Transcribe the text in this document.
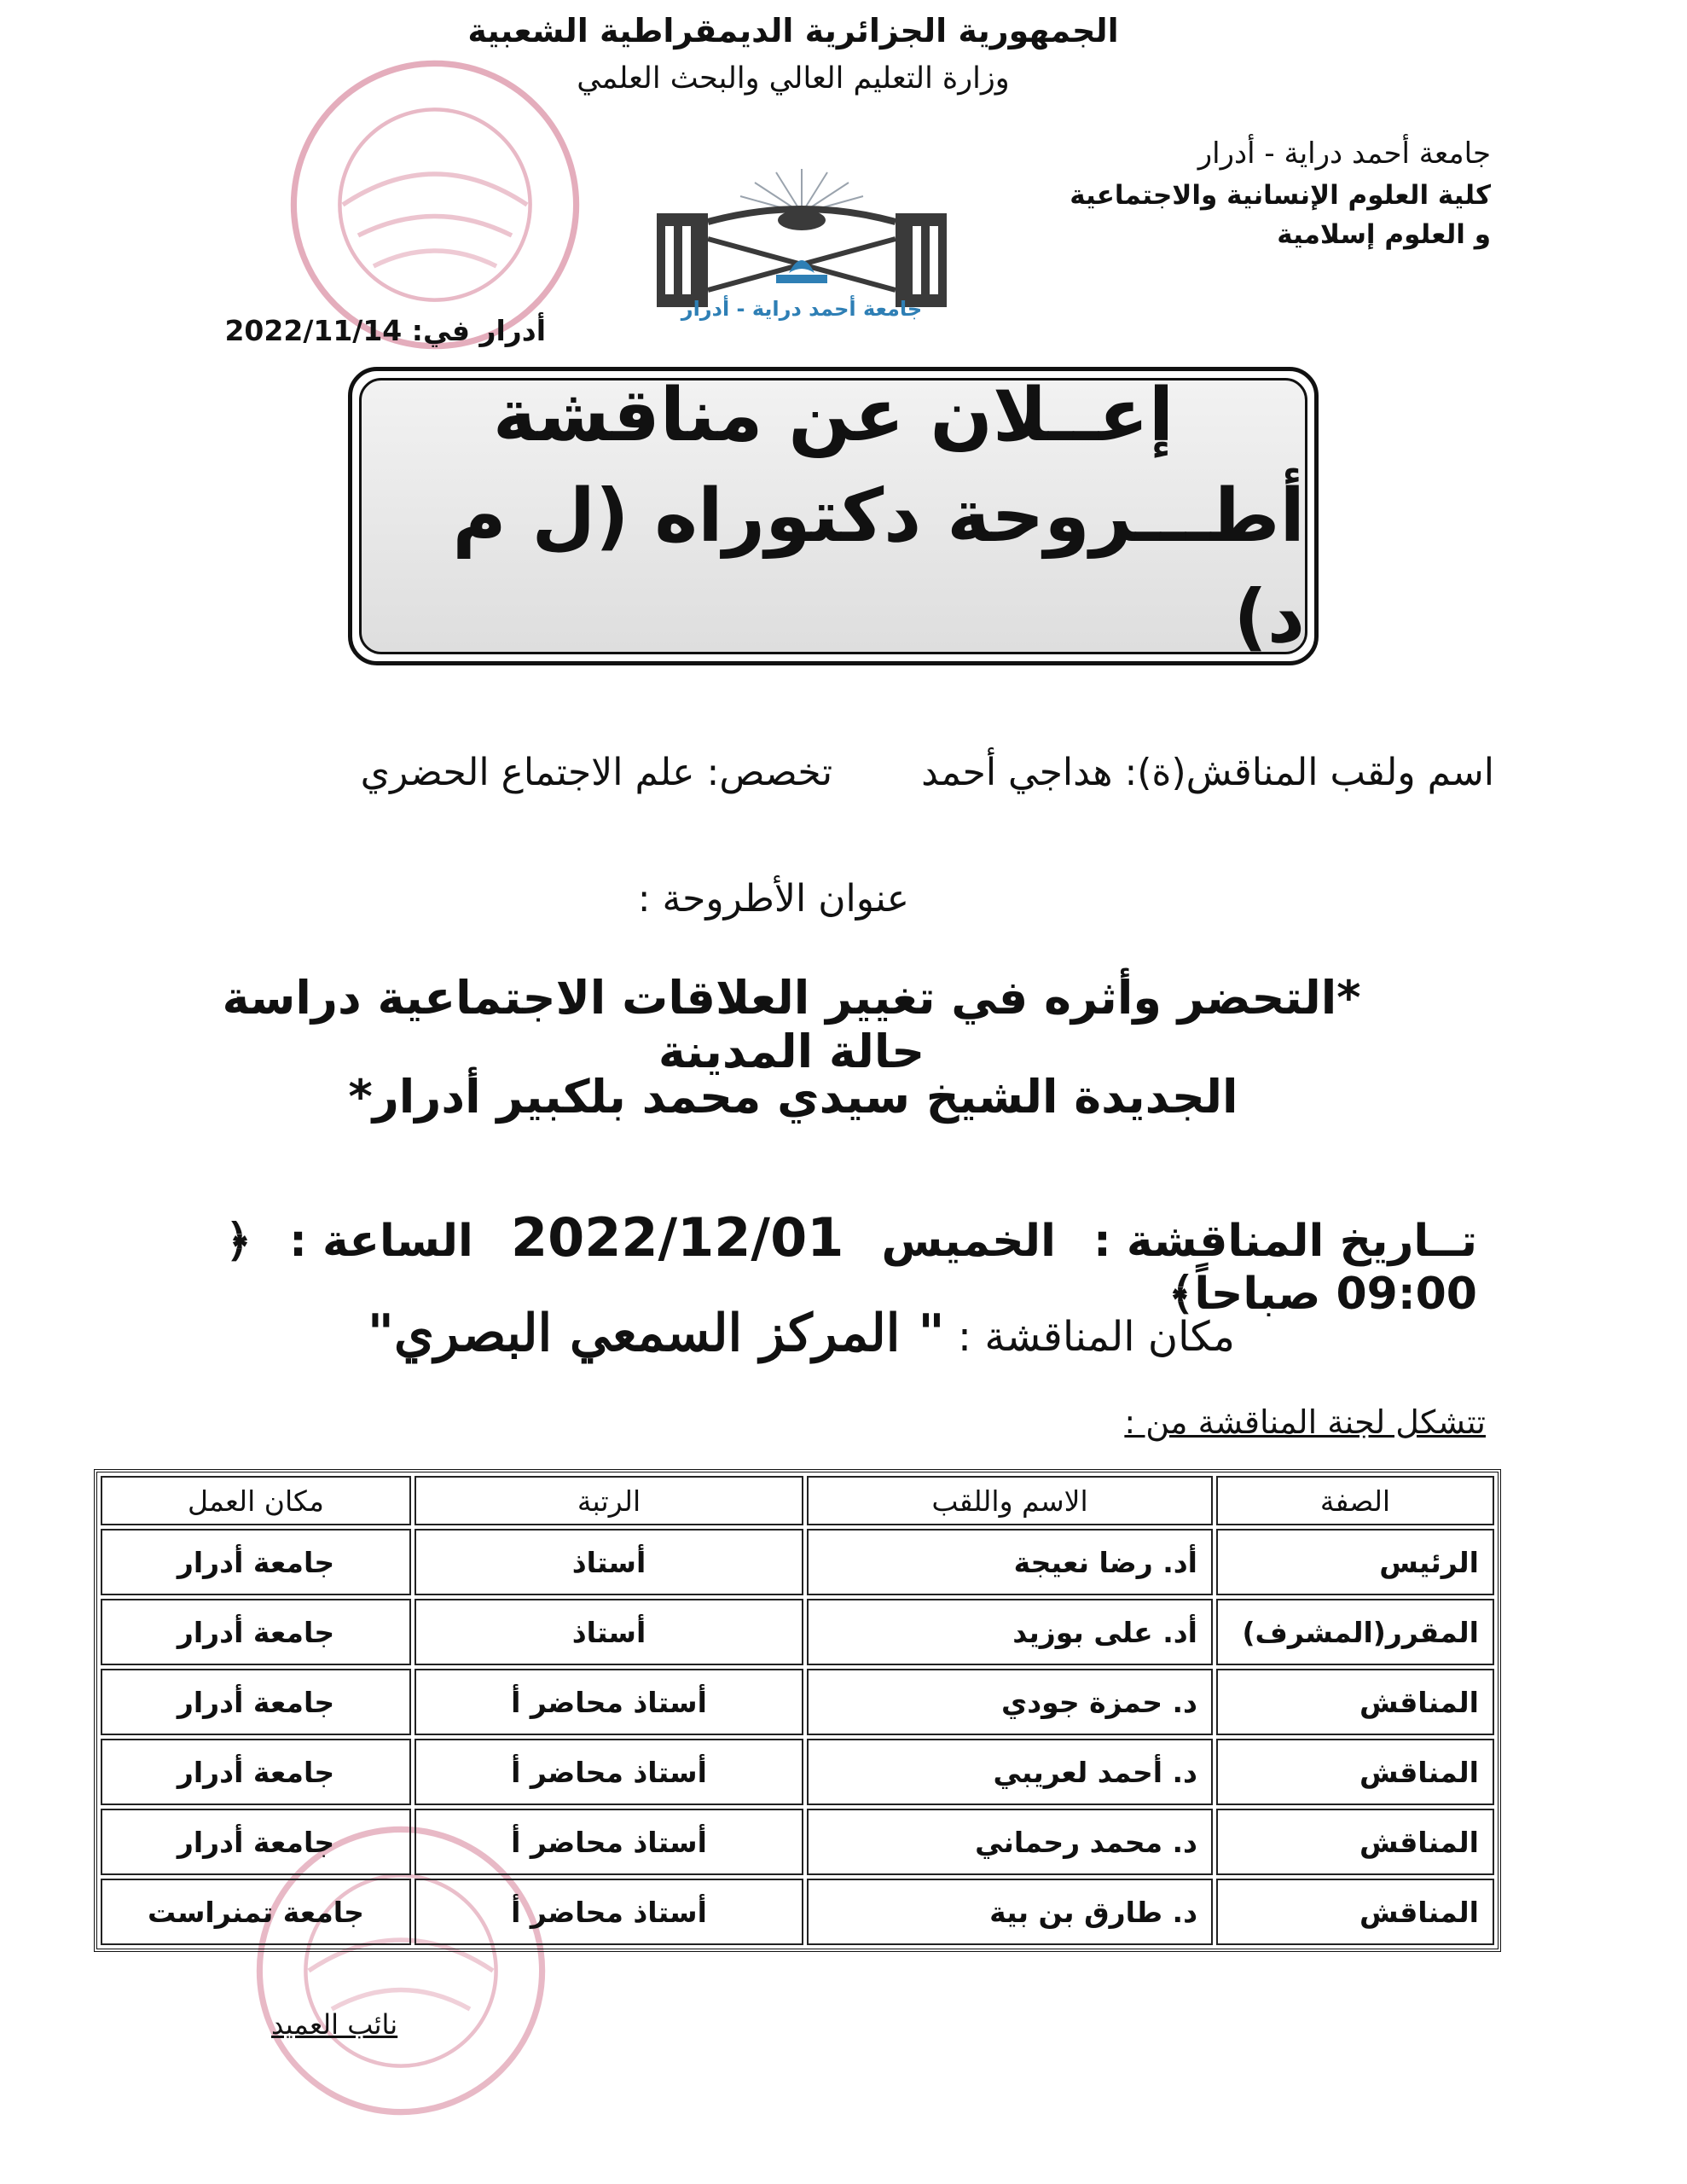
الجمهورية الجزائرية الديمقراطية الشعبية
وزارة التعليم العالي والبحث العلمي
جامعة أحمد دراية - أدرار
كلية العلوم الإنسانية والاجتماعية
و العلوم إسلامية
جامعة أحمد دراية - أدرار
أدرار في: 2022/11/14
إعــلان عن مناقشة
أطـــروحة دكتوراه (ل م د)
اسم ولقب المناقش(ة): هداجي أحمد تخصص: علم الاجتماع الحضري
عنوان الأطروحة :
*التحضر وأثره في تغيير العلاقات الاجتماعية دراسة حالة المدينة
الجديدة الشيخ سيدي محمد بلكبير أدرار*
تــاريخ المناقشة : الخميس 2022/12/01 الساعة : ﴿ 09:00 صباحاً﴾
مكان المناقشة : " المركز السمعي البصري"
تتشكل لجنة المناقشة من :
الصفة	الاسم واللقب	الرتبة	مكان العمل
الرئيس	أد. رضا نعيجة	أستاذ	جامعة أدرار
المقرر(المشرف)	أد. على بوزيد	أستاذ	جامعة أدرار
المناقش	د. حمزة جودي	أستاذ محاضر أ	جامعة أدرار
المناقش	د. أحمد لعريبي	أستاذ محاضر أ	جامعة أدرار
المناقش	د. محمد رحماني	أستاذ محاضر أ	جامعة أدرار
المناقش	د. طارق بن بية	أستاذ محاضر أ	جامعة تمنراست
نائب العميد
